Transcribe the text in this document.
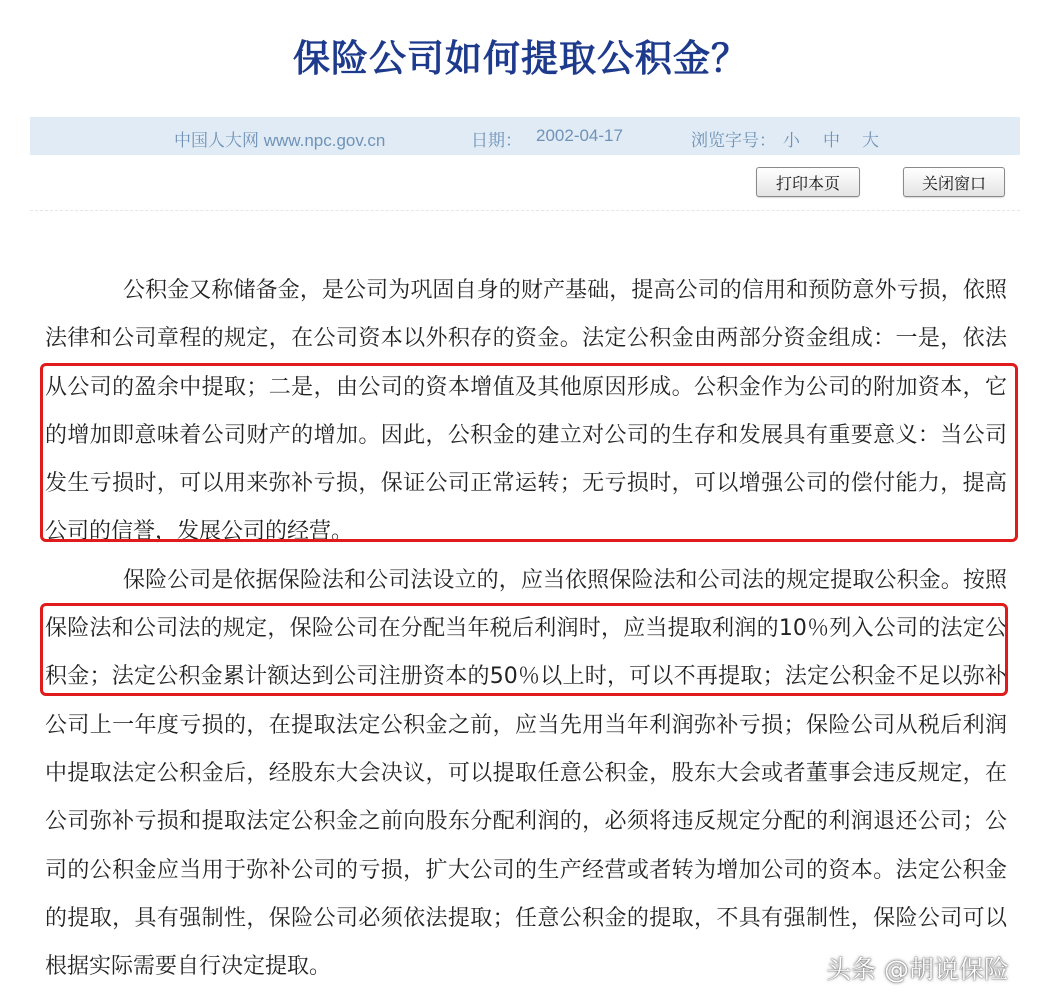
保险公司如何提取公积金？
中国人大网 www.npc.gov.cn	日期： 2002-04-17	浏览字号： 小 中 大
打印本页	关闭窗口

公积金又称储备金，是公司为巩固自身的财产基础，提高公司的信用和预防意外亏损，依照法律和公司章程的规定，在公司资本以外积存的资金。法定公积金由两部分资金组成：一是，依法从公司的盈余中提取；二是，由公司的资本增值及其他原因形成。公积金作为公司的附加资本，它的增加即意味着公司财产的增加。因此，公积金的建立对公司的生存和发展具有重要意义：当公司发生亏损时，可以用来弥补亏损，保证公司正常运转；无亏损时，可以增强公司的偿付能力，提高公司的信誉，发展公司的经营。

保险公司是依据保险法和公司法设立的，应当依照保险法和公司法的规定提取公积金。按照保险法和公司法的规定，保险公司在分配当年税后利润时，应当提取利润的10％列入公司的法定公积金；法定公积金累计额达到公司注册资本的50％以上时，可以不再提取；法定公积金不足以弥补公司上一年度亏损的，在提取法定公积金之前，应当先用当年利润弥补亏损；保险公司从税后利润中提取法定公积金后，经股东大会决议，可以提取任意公积金，股东大会或者董事会违反规定，在公司弥补亏损和提取法定公积金之前向股东分配利润的，必须将违反规定分配的利润退还公司；公司的公积金应当用于弥补公司的亏损，扩大公司的生产经营或者转为增加公司的资本。法定公积金的提取，具有强制性，保险公司必须依法提取；任意公积金的提取，不具有强制性，保险公司可以根据实际需要自行决定提取。	头条 @胡说保险
